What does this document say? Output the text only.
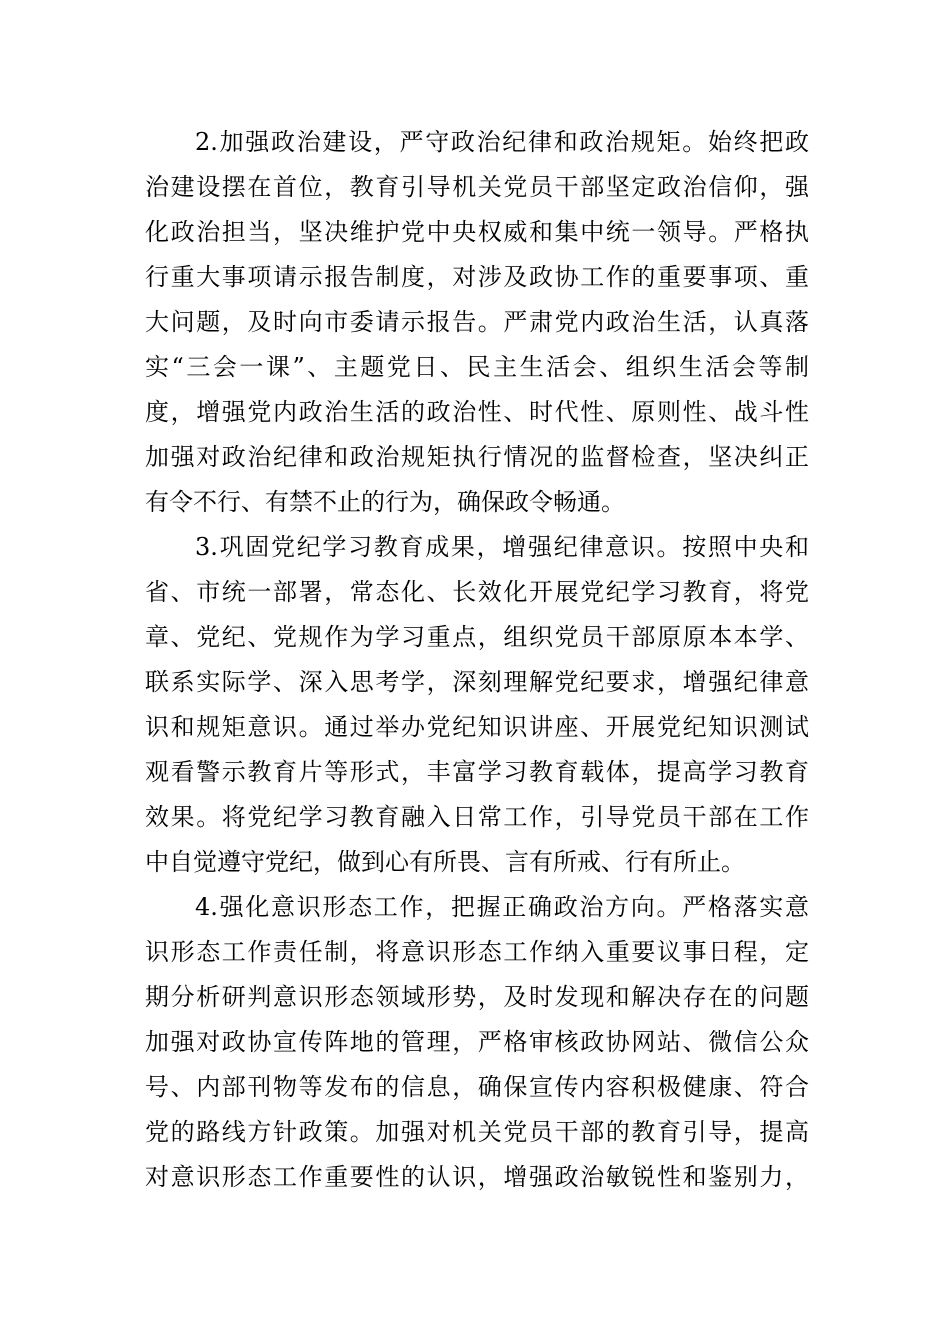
2.加强政治建设，严守政治纪律和政治规矩。始终把政
治建设摆在首位，教育引导机关党员干部坚定政治信仰，强
化政治担当，坚决维护党中央权威和集中统一领导。严格执
行重大事项请示报告制度，对涉及政协工作的重要事项、重
大问题，及时向市委请示报告。严肃党内政治生活，认真落
实“三会一课”、主题党日、民主生活会、组织生活会等制
度，增强党内政治生活的政治性、时代性、原则性、战斗性
加强对政治纪律和政治规矩执行情况的监督检查，坚决纠正
有令不行、有禁不止的行为，确保政令畅通。
3.巩固党纪学习教育成果，增强纪律意识。按照中央和
省、市统一部署，常态化、长效化开展党纪学习教育，将党
章、党纪、党规作为学习重点，组织党员干部原原本本学、
联系实际学、深入思考学，深刻理解党纪要求，增强纪律意
识和规矩意识。通过举办党纪知识讲座、开展党纪知识测试
观看警示教育片等形式，丰富学习教育载体，提高学习教育
效果。将党纪学习教育融入日常工作，引导党员干部在工作
中自觉遵守党纪，做到心有所畏、言有所戒、行有所止。
4.强化意识形态工作，把握正确政治方向。严格落实意
识形态工作责任制，将意识形态工作纳入重要议事日程，定
期分析研判意识形态领域形势，及时发现和解决存在的问题
加强对政协宣传阵地的管理，严格审核政协网站、微信公众
号、内部刊物等发布的信息，确保宣传内容积极健康、符合
党的路线方针政策。加强对机关党员干部的教育引导，提高
对意识形态工作重要性的认识，增强政治敏锐性和鉴别力，
